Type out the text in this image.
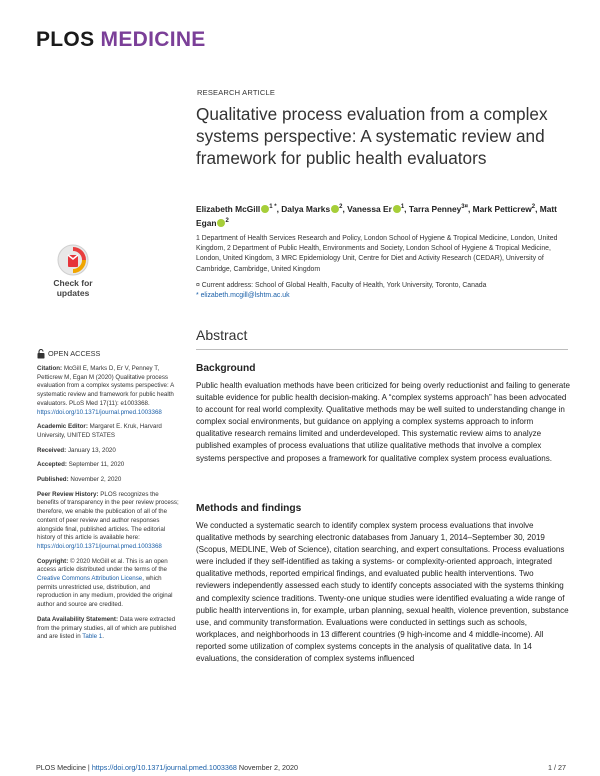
PLOS MEDICINE
RESEARCH ARTICLE
Qualitative process evaluation from a complex systems perspective: A systematic review and framework for public health evaluators
Elizabeth McGill $^{1 *}$, Dalya Marks $^2$, Vanessa Er $^1$, Tarra Penney$^{3¤}$, Mark Petticrew$^2$, Matt Egan $^2$
1 Department of Health Services Research and Policy, London School of Hygiene & Tropical Medicine, London, United Kingdom, 2 Department of Public Health, Environments and Society, London School of Hygiene & Tropical Medicine, London, United Kingdom, 3 MRC Epidemiology Unit, Centre for Diet and Activity Research (CEDAR), University of Cambridge, Cambridge, United Kingdom
¤ Current address: School of Global Health, Faculty of Health, York University, Toronto, Canada
* elizabeth.mcgill@lshtm.ac.uk
Check for
updates
Abstract
Background
Public health evaluation methods have been criticized for being overly reductionist and failing to generate suitable evidence for public health decision-making. A “complex systems approach” has been advocated to account for real world complexity. Qualitative methods may be well suited to understanding change in complex social environments, but guidance on applying a complex systems approach to inform qualitative research remains limited and underdeveloped. This systematic review aims to analyze published examples of process evaluations that utilize qualitative methods that involve a complex systems perspective and proposes a framework for qualitative complex system process evaluations.
Methods and findings
We conducted a systematic search to identify complex system process evaluations that involve qualitative methods by searching electronic databases from January 1, 2014–September 30, 2019 (Scopus, MEDLINE, Web of Science), citation searching, and expert consultations. Process evaluations were included if they self-identified as taking a systems- or complexity-oriented approach, integrated qualitative methods, reported empirical findings, and evaluated public health interventions. Two reviewers independently assessed each study to identify concepts associated with the systems thinking and complexity science traditions. Twenty-one unique studies were identified evaluating a wide range of public health interventions in, for example, urban planning, sexual health, violence prevention, substance use, and community transformation. Evaluations were conducted in settings such as schools, workplaces, and neighborhoods in 13 different countries (9 high-income and 4 middle-income). All reported some utilization of complex systems concepts in the analysis of qualitative data. In 14 evaluations, the consideration of complex systems influenced
OPEN ACCESS
Citation: McGill E, Marks D, Er V, Penney T, Petticrew M, Egan M (2020) Qualitative process evaluation from a complex systems perspective: A systematic review and framework for public health evaluators. PLoS Med 17(11): e1003368. https://doi.org/10.1371/journal.pmed.1003368
Academic Editor: Margaret E. Kruk, Harvard University, UNITED STATES
Received: January 13, 2020
Accepted: September 11, 2020
Published: November 2, 2020
Peer Review History: PLOS recognizes the benefits of transparency in the peer review process; therefore, we enable the publication of all of the content of peer review and author responses alongside final, published articles. The editorial history of this article is available here: https://doi.org/10.1371/journal.pmed.1003368
Copyright: © 2020 McGill et al. This is an open access article distributed under the terms of the Creative Commons Attribution License, which permits unrestricted use, distribution, and reproduction in any medium, provided the original author and source are credited.
Data Availability Statement: Data were extracted from the primary studies, all of which are published and are listed in Table 1.
PLOS Medicine | https://doi.org/10.1371/journal.pmed.1003368 November 2, 2020	1 / 27
